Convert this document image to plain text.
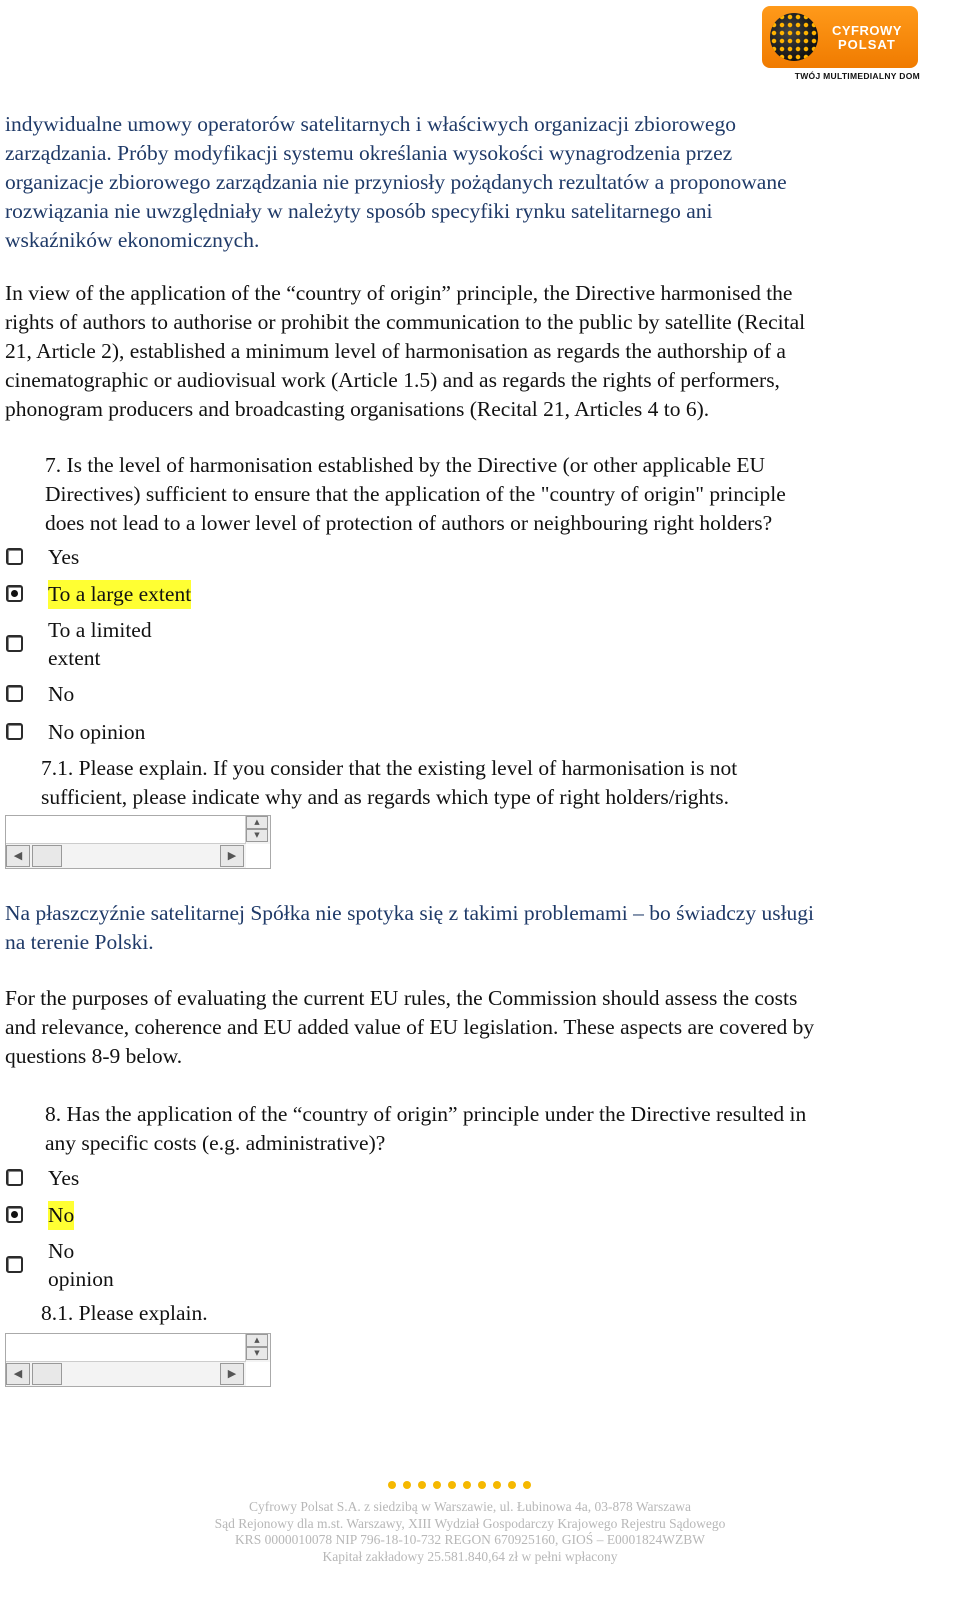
CYFROWY
POLSAT
TWÓJ MULTIMEDIALNY DOM
indywidualne umowy operatorów satelitarnych i właściwych organizacji zbiorowego
zarządzania. Próby modyfikacji systemu określania wysokości wynagrodzenia przez
organizacje zbiorowego zarządzania nie przyniosły pożądanych rezultatów a proponowane
rozwiązania nie uwzględniały w należyty sposób specyfiki rynku satelitarnego ani
wskaźników ekonomicznych.
In view of the application of the “country of origin” principle, the Directive harmonised the
rights of authors to authorise or prohibit the communication to the public by satellite (Recital
21, Article 2), established a minimum level of harmonisation as regards the authorship of a
cinematographic or audiovisual work (Article 1.5) and as regards the rights of performers,
phonogram producers and broadcasting organisations (Recital 21, Articles 4 to 6).
7. Is the level of harmonisation established by the Directive (or other applicable EU
Directives) sufficient to ensure that the application of the "country of origin" principle
does not lead to a lower level of protection of authors or neighbouring right holders?
Yes
To a large extent
To a limited
extent
No
No opinion
7.1. Please explain. If you consider that the existing level of harmonisation is not
sufficient, please indicate why and as regards which type of right holders/rights.
▲
▼
◀	▶
Na płaszczyźnie satelitarnej Spółka nie spotyka się z takimi problemami – bo świadczy usługi
na terenie Polski.
For the purposes of evaluating the current EU rules, the Commission should assess the costs
and relevance, coherence and EU added value of EU legislation. These aspects are covered by
questions 8-9 below.
8. Has the application of the “country of origin” principle under the Directive resulted in
any specific costs (e.g. administrative)?
Yes
No
No
opinion
8.1. Please explain.
▲
▼
◀	▶
Cyfrowy Polsat S.A. z siedzibą w Warszawie, ul. Łubinowa 4a, 03-878 Warszawa
Sąd Rejonowy dla m.st. Warszawy, XIII Wydział Gospodarczy Krajowego Rejestru Sądowego
KRS 0000010078 NIP 796-18-10-732 REGON 670925160, GIOŚ – E0001824WZBW
Kapitał zakładowy 25.581.840,64 zł w pełni wpłacony
